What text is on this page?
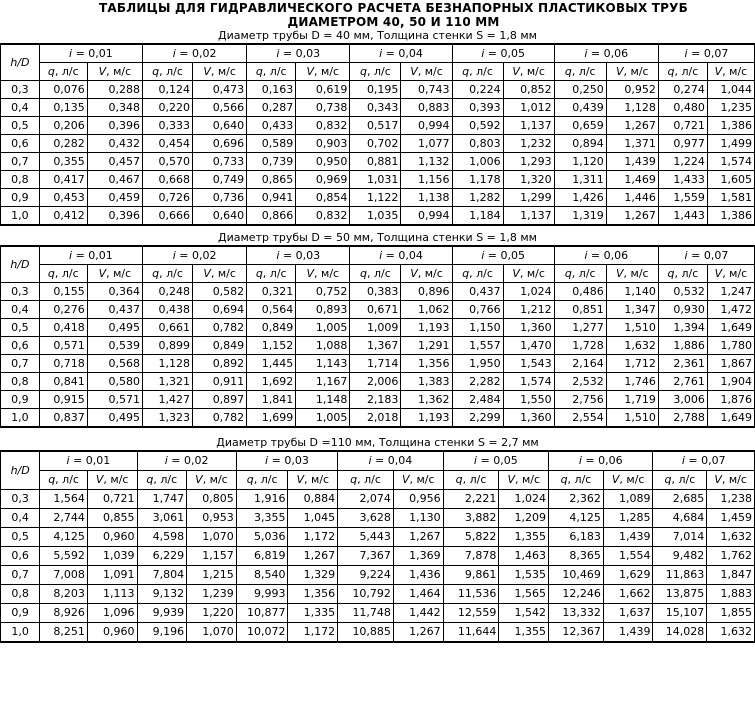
ТАБЛИЦЫ ДЛЯ ГИДРАВЛИЧЕСКОГО РАСЧЕТА БЕЗНАПОРНЫХ ПЛАСТИКОВЫХ ТРУБ
ДИАМЕТРОМ 40, 50 И 110 ММ
Диаметр трубы D = 40 мм, Толщина стенки S = 1,8 мм
h/D	i = 0,01		i = 0,02		i = 0,03		i = 0,04		i = 0,05		i = 0,06		i = 0,07	
	q, л/с	V, м/с	q, л/с	V, м/с	q, л/с	V, м/с	q, л/с	V, м/с	q, л/с	V, м/с	q, л/с	V, м/с	q, л/с	V, м/с
0,3	0,076	0,288	0,124	0,473	0,163	0,619	0,195	0,743	0,224	0,852	0,250	0,952	0,274	1,044
0,4	0,135	0,348	0,220	0,566	0,287	0,738	0,343	0,883	0,393	1,012	0,439	1,128	0,480	1,235
0,5	0,206	0,396	0,333	0,640	0,433	0,832	0,517	0,994	0,592	1,137	0,659	1,267	0,721	1,386
0,6	0,282	0,432	0,454	0,696	0,589	0,903	0,702	1,077	0,803	1,232	0,894	1,371	0,977	1,499
0,7	0,355	0,457	0,570	0,733	0,739	0,950	0,881	1,132	1,006	1,293	1,120	1,439	1,224	1,574
0,8	0,417	0,467	0,668	0,749	0,865	0,969	1,031	1,156	1,178	1,320	1,311	1,469	1,433	1,605
0,9	0,453	0,459	0,726	0,736	0,941	0,854	1,122	1,138	1,282	1,299	1,426	1,446	1,559	1,581
1,0	0,412	0,396	0,666	0,640	0,866	0,832	1,035	0,994	1,184	1,137	1,319	1,267	1,443	1,386
Диаметр трубы D = 50 мм, Толщина стенки S = 1,8 мм
h/D	i = 0,01		i = 0,02		i = 0,03		i = 0,04		i = 0,05		i = 0,06		i = 0,07	
	q, л/с	V, м/с	q, л/с	V, м/с	q, л/с	V, м/с	q, л/с	V, м/с	q, л/с	V, м/с	q, л/с	V, м/с	q, л/с	V, м/с
0,3	0,155	0,364	0,248	0,582	0,321	0,752	0,383	0,896	0,437	1,024	0,486	1,140	0,532	1,247
0,4	0,276	0,437	0,438	0,694	0,564	0,893	0,671	1,062	0,766	1,212	0,851	1,347	0,930	1,472
0,5	0,418	0,495	0,661	0,782	0,849	1,005	1,009	1,193	1,150	1,360	1,277	1,510	1,394	1,649
0,6	0,571	0,539	0,899	0,849	1,152	1,088	1,367	1,291	1,557	1,470	1,728	1,632	1,886	1,780
0,7	0,718	0,568	1,128	0,892	1,445	1,143	1,714	1,356	1,950	1,543	2,164	1,712	2,361	1,867
0,8	0,841	0,580	1,321	0,911	1,692	1,167	2,006	1,383	2,282	1,574	2,532	1,746	2,761	1,904
0,9	0,915	0,571	1,427	0,897	1,841	1,148	2,183	1,362	2,484	1,550	2,756	1,719	3,006	1,876
1,0	0,837	0,495	1,323	0,782	1,699	1,005	2,018	1,193	2,299	1,360	2,554	1,510	2,788	1,649
Диаметр трубы D =110 мм, Толщина стенки S = 2,7 мм
h/D	i = 0,01		i = 0,02		i = 0,03		i = 0,04		i = 0,05		i = 0,06		i = 0,07	
	q, л/с	V, м/с	q, л/с	V, м/с	q, л/с	V, м/с	q, л/с	V, м/с	q, л/с	V, м/с	q, л/с	V, м/с	q, л/с	V, м/с
0,3	1,564	0,721	1,747	0,805	1,916	0,884	2,074	0,956	2,221	1,024	2,362	1,089	2,685	1,238
0,4	2,744	0,855	3,061	0,953	3,355	1,045	3,628	1,130	3,882	1,209	4,125	1,285	4,684	1,459
0,5	4,125	0,960	4,598	1,070	5,036	1,172	5,443	1,267	5,822	1,355	6,183	1,439	7,014	1,632
0,6	5,592	1,039	6,229	1,157	6,819	1,267	7,367	1,369	7,878	1,463	8,365	1,554	9,482	1,762
0,7	7,008	1,091	7,804	1,215	8,540	1,329	9,224	1,436	9,861	1,535	10,469	1,629	11,863	1,847
0,8	8,203	1,113	9,132	1,239	9,993	1,356	10,792	1,464	11,536	1,565	12,246	1,662	13,875	1,883
0,9	8,926	1,096	9,939	1,220	10,877	1,335	11,748	1,442	12,559	1,542	13,332	1,637	15,107	1,855
1,0	8,251	0,960	9,196	1,070	10,072	1,172	10,885	1,267	11,644	1,355	12,367	1,439	14,028	1,632
